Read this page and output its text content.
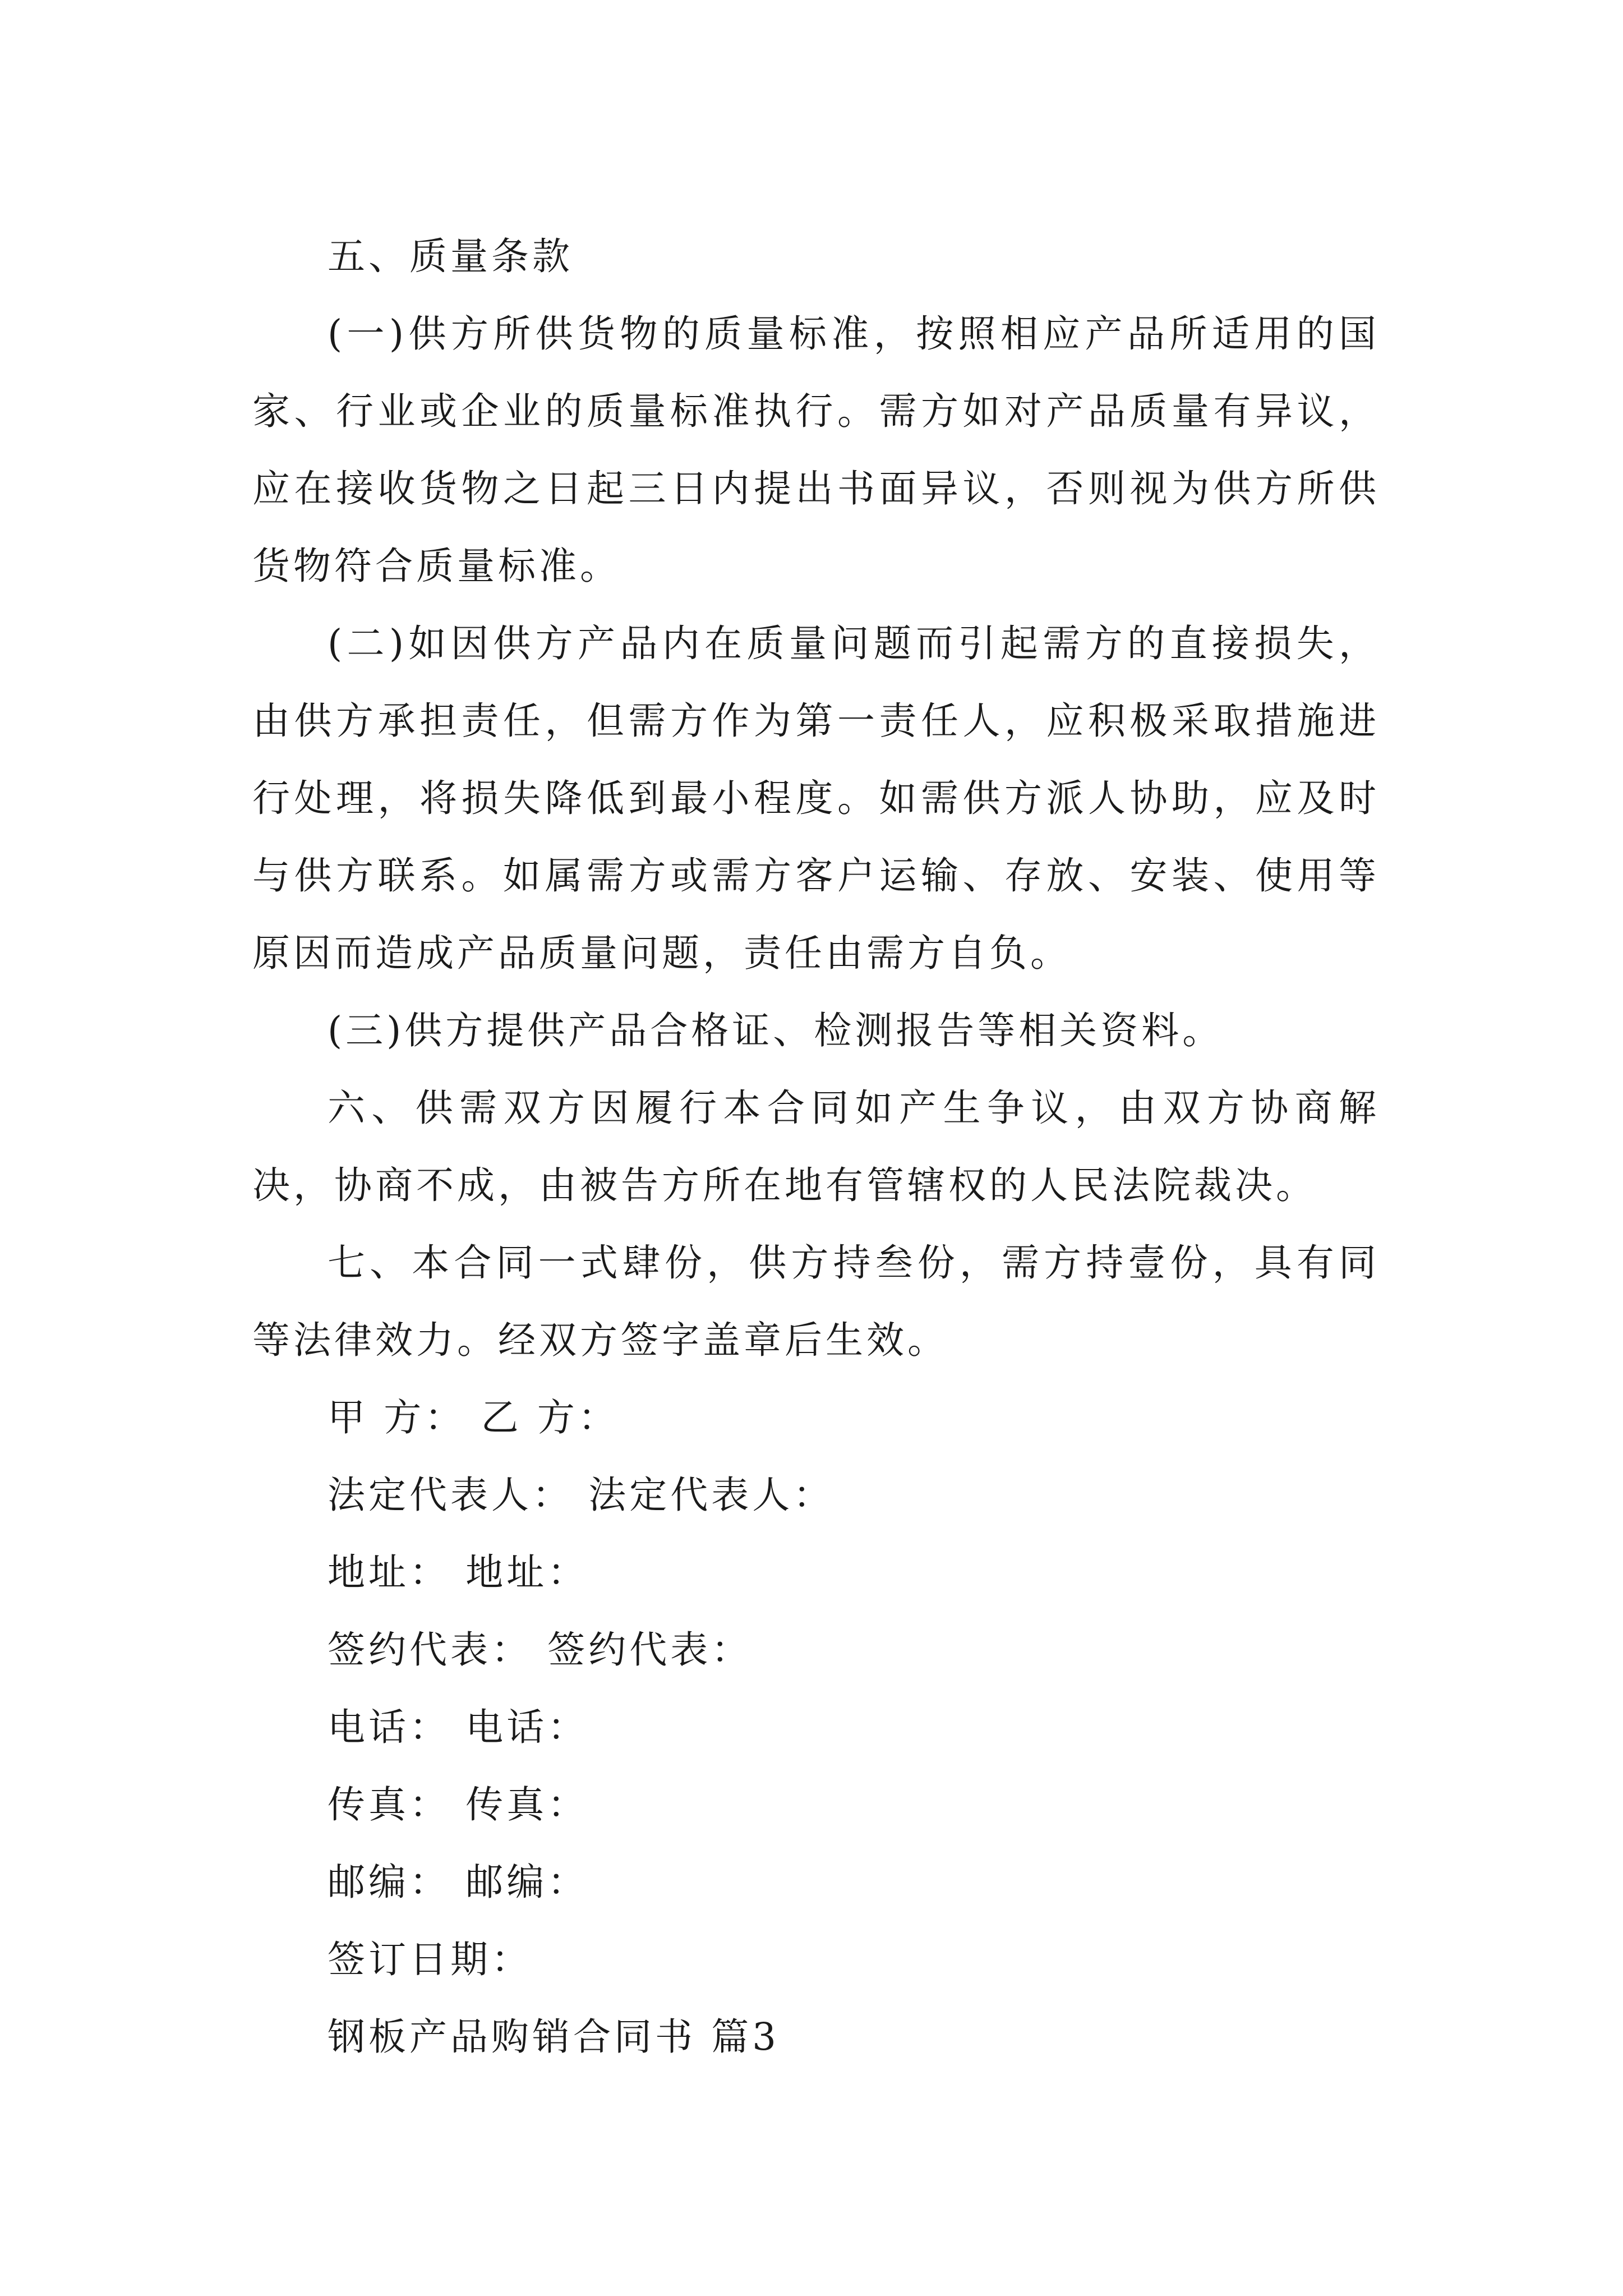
五、质量条款

(一)供方所供货物的质量标准，按照相应产品所适用的国家、行业或企业的质量标准执行。需方如对产品质量有异议，应在接收货物之日起三日内提出书面异议，否则视为供方所供货物符合质量标准。

(二)如因供方产品内在质量问题而引起需方的直接损失，由供方承担责任，但需方作为第一责任人，应积极采取措施进行处理，将损失降低到最小程度。如需供方派人协助，应及时与供方联系。如属需方或需方客户运输、存放、安装、使用等原因而造成产品质量问题，责任由需方自负。

(三)供方提供产品合格证、检测报告等相关资料。

六、供需双方因履行本合同如产生争议，由双方协商解决，协商不成，由被告方所在地有管辖权的人民法院裁决。

七、本合同一式肆份，供方持叁份，需方持壹份，具有同等法律效力。经双方签字盖章后生效。

甲 方： 乙 方：

法定代表人： 法定代表人：

地址： 地址：

签约代表： 签约代表：

电话： 电话：

传真： 传真：

邮编： 邮编：

签订日期：

钢板产品购销合同书 篇3
